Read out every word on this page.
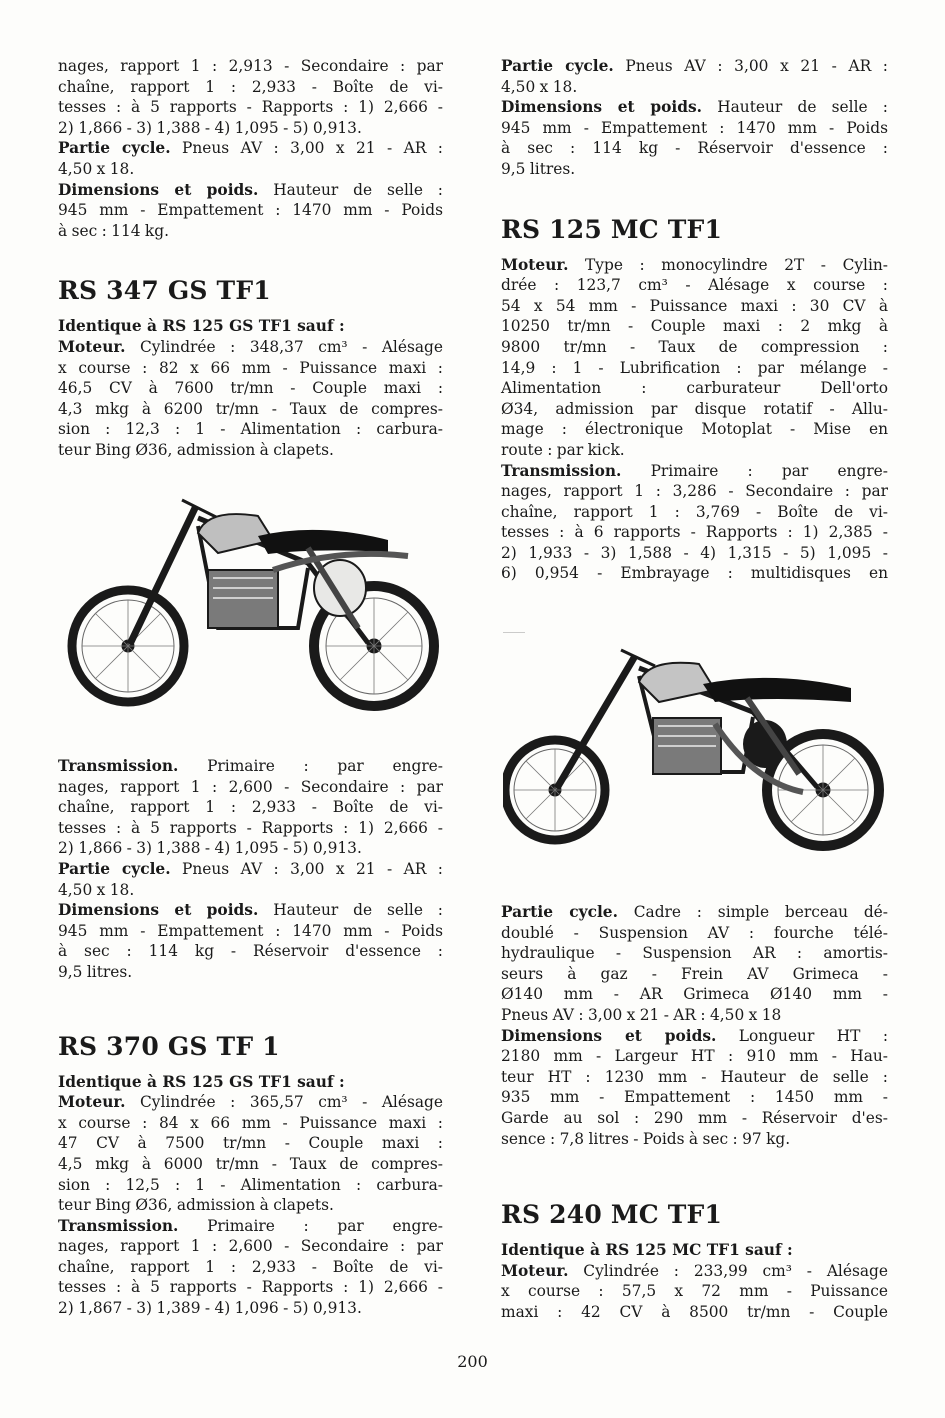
nages, rapport 1 : 2,913 - Secondaire : par

chaîne, rapport 1 : 2,933 - Boîte de vi-

tesses : à 5 rapports - Rapports : 1) 2,666 -

2) 1,866 - 3) 1,388 - 4) 1,095 - 5) 0,913.

Partie cycle. Pneus AV : 3,00 x 21 - AR :

4,50 x 18.

Dimensions et poids. Hauteur de selle :

945 mm - Empattement : 1470 mm - Poids

à sec : 114 kg.

RS 347 GS TF1

Identique à RS 125 GS TF1 sauf :

Moteur. Cylindrée : 348,37 cm³ - Alésage

x course : 82 x 66 mm - Puissance maxi :

46,5 CV à 7600 tr/mn - Couple maxi :

4,3 mkg à 6200 tr/mn - Taux de compres-

sion : 12,3 : 1 - Alimentation : carbura-

teur Bing Ø36, admission à clapets.

Transmission. Primaire : par engre-

nages, rapport 1 : 2,600 - Secondaire : par

chaîne, rapport 1 : 2,933 - Boîte de vi-

tesses : à 5 rapports - Rapports : 1) 2,666 -

2) 1,866 - 3) 1,388 - 4) 1,095 - 5) 0,913.

Partie cycle. Pneus AV : 3,00 x 21 - AR :

4,50 x 18.

Dimensions et poids. Hauteur de selle :

945 mm - Empattement : 1470 mm - Poids

à sec : 114 kg - Réservoir d'essence :

9,5 litres.

RS 370 GS TF 1

Identique à RS 125 GS TF1 sauf :

Moteur. Cylindrée : 365,57 cm³ - Alésage

x course : 84 x 66 mm - Puissance maxi :

47 CV à 7500 tr/mn - Couple maxi :

4,5 mkg à 6000 tr/mn - Taux de compres-

sion : 12,5 : 1 - Alimentation : carbura-

teur Bing Ø36, admission à clapets.

Transmission. Primaire : par engre-

nages, rapport 1 : 2,600 - Secondaire : par

chaîne, rapport 1 : 2,933 - Boîte de vi-

tesses : à 5 rapports - Rapports : 1) 2,666 -

2) 1,867 - 3) 1,389 - 4) 1,096 - 5) 0,913.

Partie cycle. Pneus AV : 3,00 x 21 - AR :

4,50 x 18.

Dimensions et poids. Hauteur de selle :

945 mm - Empattement : 1470 mm - Poids

à sec : 114 kg - Réservoir d'essence :

9,5 litres.

RS 125 MC TF1

Moteur. Type : monocylindre 2T - Cylin-

drée : 123,7 cm³ - Alésage x course :

54 x 54 mm - Puissance maxi : 30 CV à

10250 tr/mn - Couple maxi : 2 mkg à

9800 tr/mn - Taux de compression :

14,9 : 1 - Lubrification : par mélange -

Alimentation : carburateur Dell'orto

Ø34, admission par disque rotatif - Allu-

mage : électronique Motoplat - Mise en

route : par kick.

Transmission. Primaire : par engre-

nages, rapport 1 : 3,286 - Secondaire : par

chaîne, rapport 1 : 3,769 - Boîte de vi-

tesses : à 6 rapports - Rapports : 1) 2,385 -

2) 1,933 - 3) 1,588 - 4) 1,315 - 5) 1,095 -

6) 0,954 - Embrayage : multidisques en

Partie cycle. Cadre : simple berceau dé-

doublé - Suspension AV : fourche télé-

hydraulique - Suspension AR : amortis-

seurs à gaz - Frein AV Grimeca -

Ø140 mm - AR Grimeca Ø140 mm -

Pneus AV : 3,00 x 21 - AR : 4,50 x 18

Dimensions et poids. Longueur HT :

2180 mm - Largeur HT : 910 mm - Hau-

teur HT : 1230 mm - Hauteur de selle :

935 mm - Empattement : 1450 mm -

Garde au sol : 290 mm - Réservoir d'es-

sence : 7,8 litres - Poids à sec : 97 kg.

RS 240 MC TF1

Identique à RS 125 MC TF1 sauf :

Moteur. Cylindrée : 233,99 cm³ - Alésage

x course : 57,5 x 72 mm - Puissance

maxi : 42 CV à 8500 tr/mn - Couple

200
